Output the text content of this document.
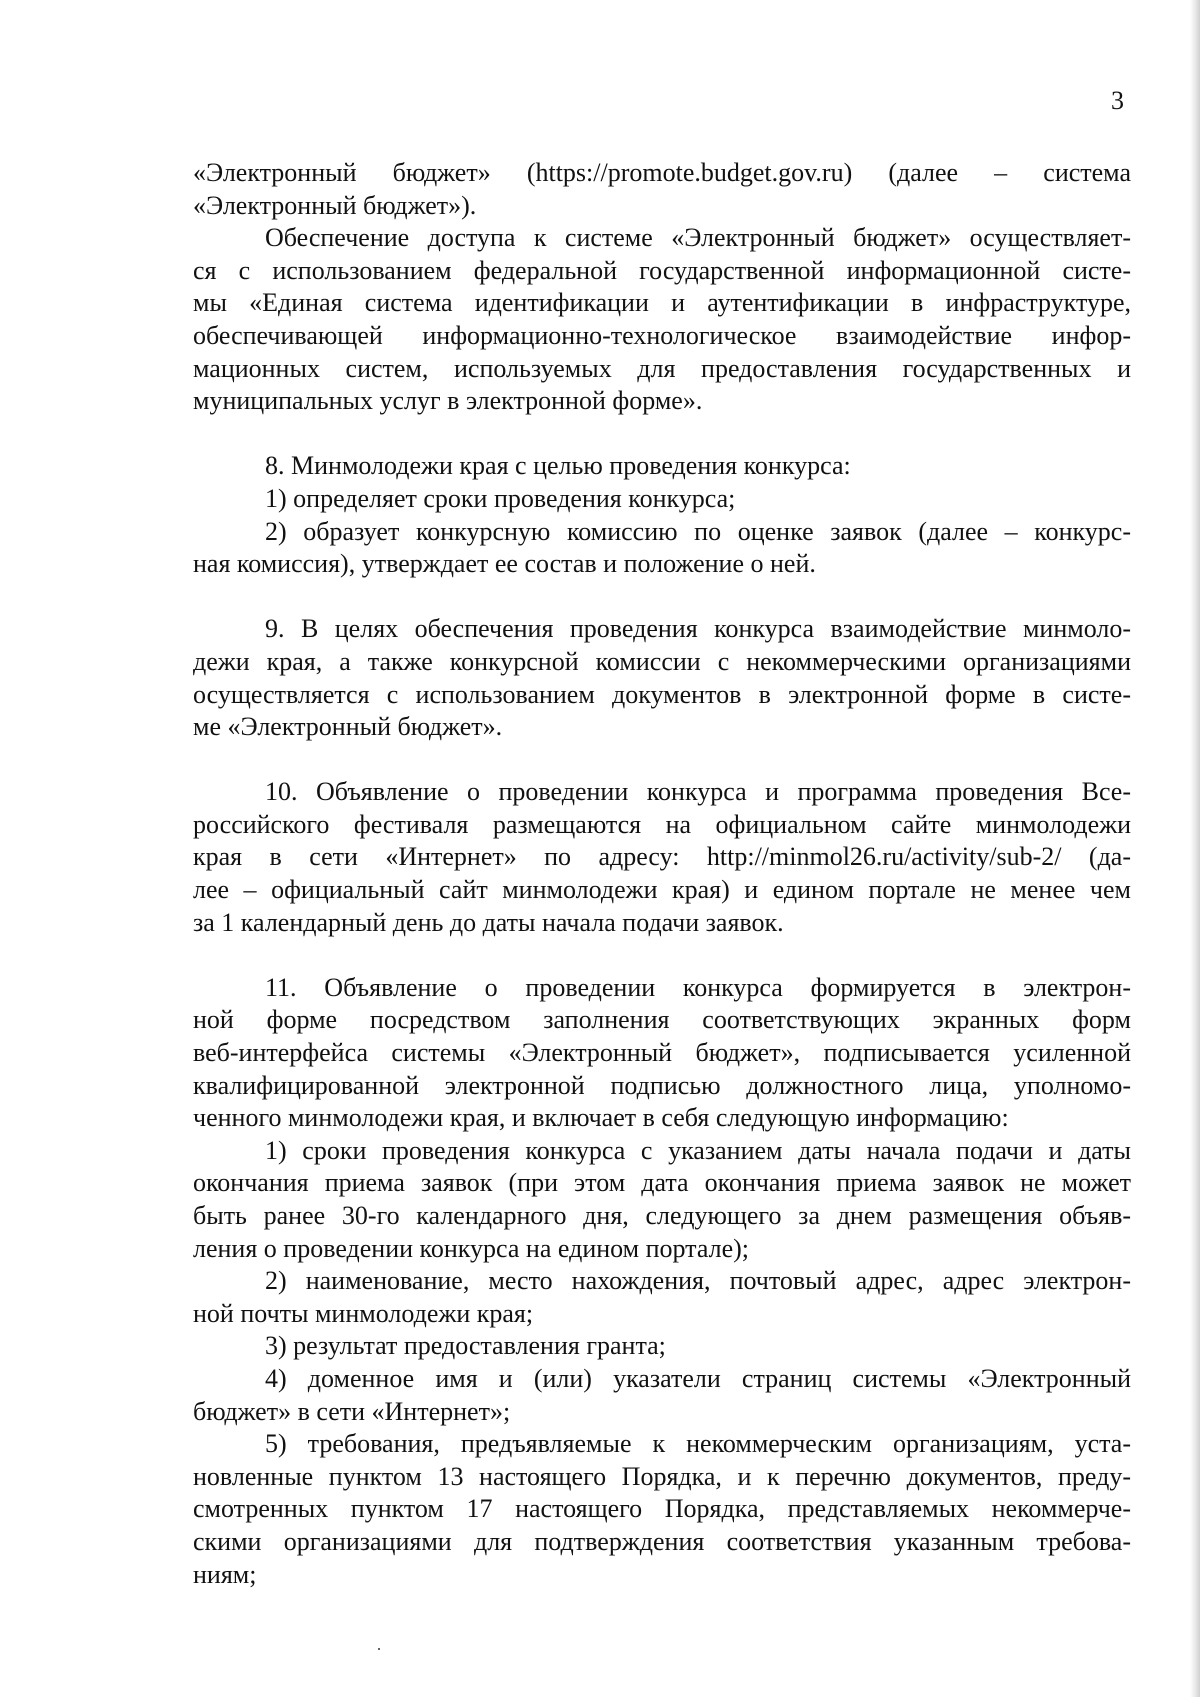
3
«Электронный бюджет» (https://promote.budget.gov.ru) (далее – система
«Электронный бюджет»).
Обеспечение доступа к системе «Электронный бюджет» осуществляет-
ся с использованием федеральной государственной информационной систе-
мы «Единая система идентификации и аутентификации в инфраструктуре,
обеспечивающей информационно-технологическое взаимодействие инфор-
мационных систем, используемых для предоставления государственных и
муниципальных услуг в электронной форме».
8. Минмолодежи края с целью проведения конкурса:
1) определяет сроки проведения конкурса;
2) образует конкурсную комиссию по оценке заявок (далее – конкурс-
ная комиссия), утверждает ее состав и положение о ней.
9. В целях обеспечения проведения конкурса взаимодействие минмоло-
дежи края, а также конкурсной комиссии с некоммерческими организациями
осуществляется с использованием документов в электронной форме в систе-
ме «Электронный бюджет».
10. Объявление о проведении конкурса и программа проведения Все-
российского фестиваля размещаются на официальном сайте минмолодежи
края в сети «Интернет» по адресу: http://minmol26.ru/activity/sub-2/ (да-
лее – официальный сайт минмолодежи края) и едином портале не менее чем
за 1 календарный день до даты начала подачи заявок.
11. Объявление о проведении конкурса формируется в электрон-
ной форме посредством заполнения соответствующих экранных форм
веб-интерфейса системы «Электронный бюджет», подписывается усиленной
квалифицированной электронной подписью должностного лица, уполномо-
ченного минмолодежи края, и включает в себя следующую информацию:
1) сроки проведения конкурса с указанием даты начала подачи и даты
окончания приема заявок (при этом дата окончания приема заявок не может
быть ранее 30-го календарного дня, следующего за днем размещения объяв-
ления о проведении конкурса на едином портале);
2) наименование, место нахождения, почтовый адрес, адрес электрон-
ной почты минмолодежи края;
3) результат предоставления гранта;
4) доменное имя и (или) указатели страниц системы «Электронный
бюджет» в сети «Интернет»;
5) требования, предъявляемые к некоммерческим организациям, уста-
новленные пунктом 13 настоящего Порядка, и к перечню документов, преду-
смотренных пунктом 17 настоящего Порядка, представляемых некоммерче-
скими организациями для подтверждения соответствия указанным требова-
ниям;
